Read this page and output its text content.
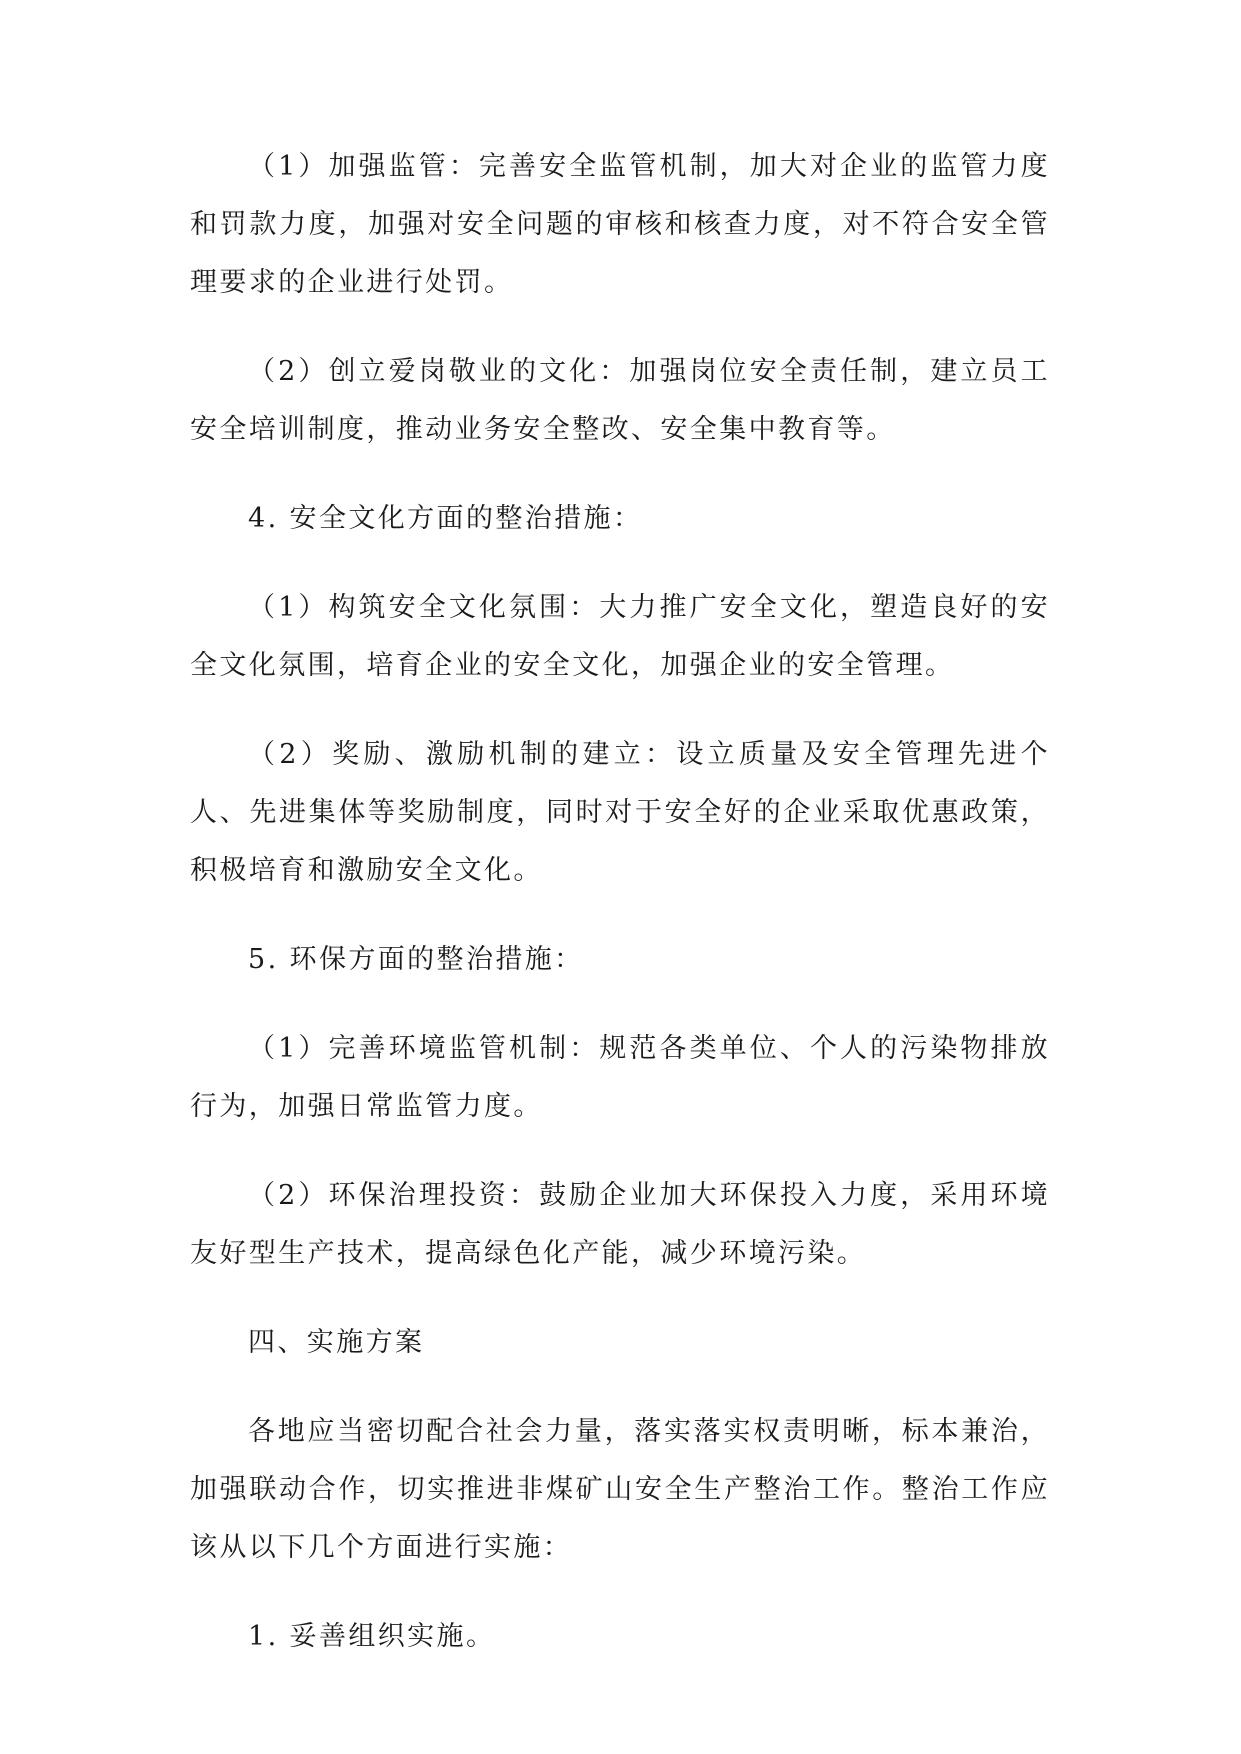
（1）加强监管：完善安全监管机制，加大对企业的监管力度和罚款力度，加强对安全问题的审核和核查力度，对不符合安全管理要求的企业进行处罚。

（2）创立爱岗敬业的文化：加强岗位安全责任制，建立员工安全培训制度，推动业务安全整改、安全集中教育等。

4. 安全文化方面的整治措施：

（1）构筑安全文化氛围：大力推广安全文化，塑造良好的安全文化氛围，培育企业的安全文化，加强企业的安全管理。

（2）奖励、激励机制的建立：设立质量及安全管理先进个人、先进集体等奖励制度，同时对于安全好的企业采取优惠政策，积极培育和激励安全文化。

5. 环保方面的整治措施：

（1）完善环境监管机制：规范各类单位、个人的污染物排放行为，加强日常监管力度。

（2）环保治理投资：鼓励企业加大环保投入力度，采用环境友好型生产技术，提高绿色化产能，减少环境污染。

四、实施方案

各地应当密切配合社会力量，落实落实权责明晰，标本兼治，加强联动合作，切实推进非煤矿山安全生产整治工作。整治工作应该从以下几个方面进行实施：

1. 妥善组织实施。
